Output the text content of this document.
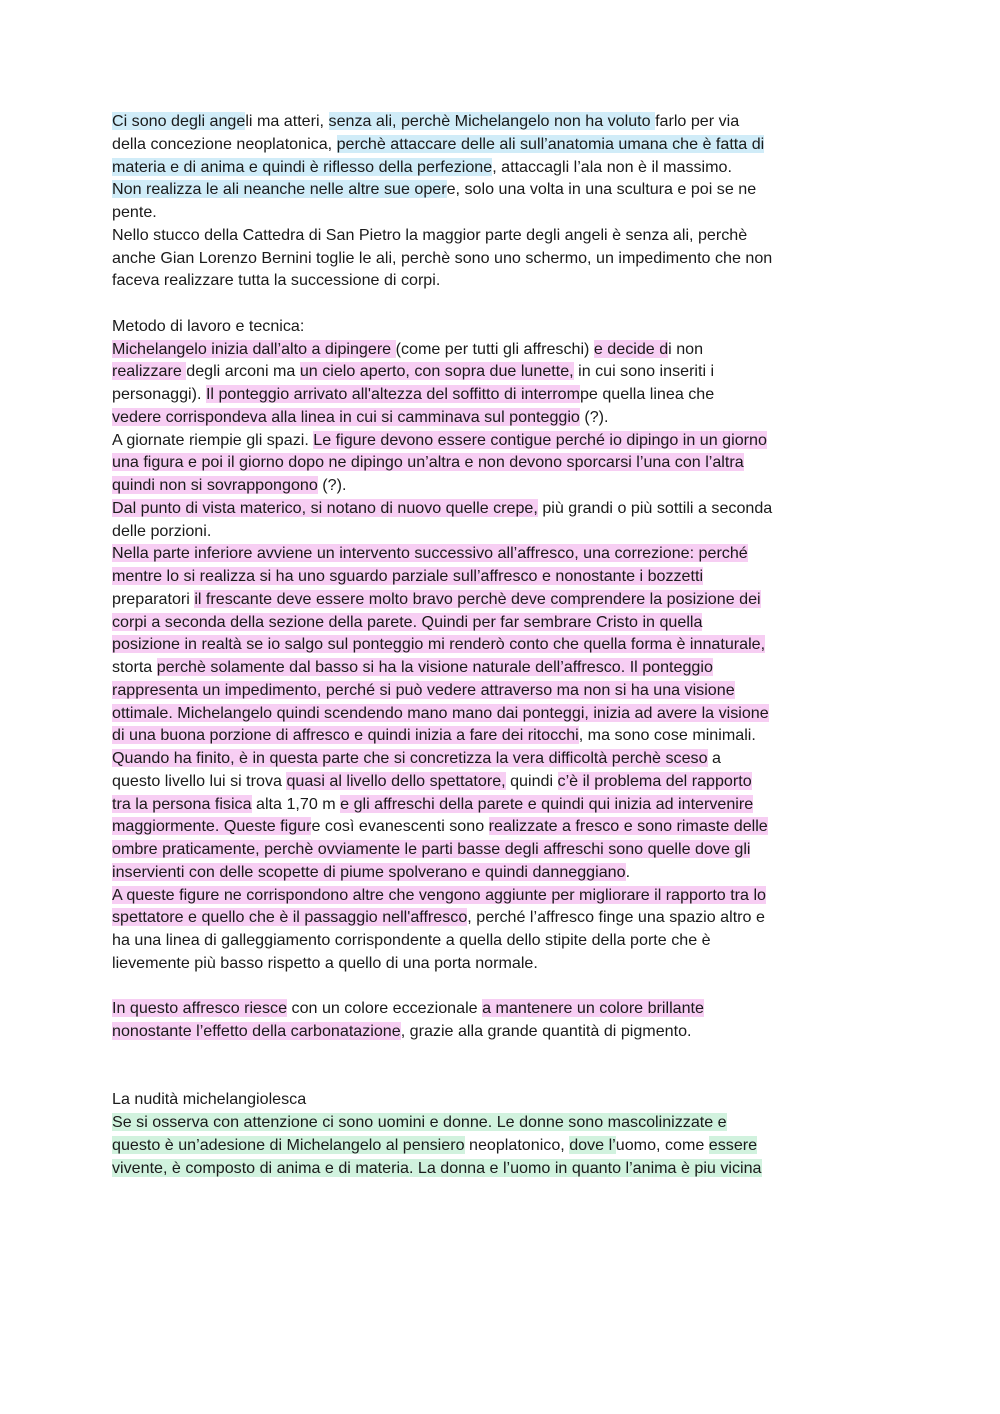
Ci sono degli angeli ma atteri, senza ali, perchè Michelangelo non ha voluto farlo per via
della concezione neoplatonica, perchè attaccare delle ali sull’anatomia umana che è fatta di
materia e di anima e quindi è riflesso della perfezione, attaccagli l’ala non è il massimo.
Non realizza le ali neanche nelle altre sue opere, solo una volta in una scultura e poi se ne
pente.
Nello stucco della Cattedra di San Pietro la maggior parte degli angeli è senza ali, perchè
anche Gian Lorenzo Bernini toglie le ali, perchè sono uno schermo, un impedimento che non
faceva realizzare tutta la successione di corpi.
Metodo di lavoro e tecnica:
Michelangelo inizia dall’alto a dipingere (come per tutti gli affreschi) e decide di non
realizzare degli arconi ma un cielo aperto, con sopra due lunette, in cui sono inseriti i
personaggi). Il ponteggio arrivato all'altezza del soffitto di interrompe quella linea che
vedere corrispondeva alla linea in cui si camminava sul ponteggio (?).
A giornate riempie gli spazi. Le figure devono essere contigue perché io dipingo in un giorno
una figura e poi il giorno dopo ne dipingo un’altra e non devono sporcarsi l’una con l’altra
quindi non si sovrappongono (?).
Dal punto di vista materico, si notano di nuovo quelle crepe, più grandi o più sottili a seconda
delle porzioni.
Nella parte inferiore avviene un intervento successivo all’affresco, una correzione: perché
mentre lo si realizza si ha uno sguardo parziale sull’affresco e nonostante i bozzetti
preparatori il frescante deve essere molto bravo perchè deve comprendere la posizione dei
corpi a seconda della sezione della parete. Quindi per far sembrare Cristo in quella
posizione in realtà se io salgo sul ponteggio mi renderò conto che quella forma è innaturale,
storta perchè solamente dal basso si ha la visione naturale dell’affresco. Il ponteggio
rappresenta un impedimento, perché si può vedere attraverso ma non si ha una visione
ottimale. Michelangelo quindi scendendo mano mano dai ponteggi, inizia ad avere la visione
di una buona porzione di affresco e quindi inizia a fare dei ritocchi, ma sono cose minimali.
Quando ha finito, è in questa parte che si concretizza la vera difficoltà perchè sceso a
questo livello lui si trova quasi al livello dello spettatore, quindi c’è il problema del rapporto
tra la persona fisica alta 1,70 m e gli affreschi della parete e quindi qui inizia ad intervenire
maggiormente. Queste figure così evanescenti sono realizzate a fresco e sono rimaste delle
ombre praticamente, perchè ovviamente le parti basse degli affreschi sono quelle dove gli
inservienti con delle scopette di piume spolverano e quindi danneggiano.
A queste figure ne corrispondono altre che vengono aggiunte per migliorare il rapporto tra lo
spettatore e quello che è il passaggio nell'affresco, perché l’affresco finge una spazio altro e
ha una linea di galleggiamento corrispondente a quella dello stipite della porte che è
lievemente più basso rispetto a quello di una porta normale.
In questo affresco riesce con un colore eccezionale a mantenere un colore brillante
nonostante l’effetto della carbonatazione, grazie alla grande quantità di pigmento.
La nudità michelangiolesca
Se si osserva con attenzione ci sono uomini e donne. Le donne sono mascolinizzate e
questo è un’adesione di Michelangelo al pensiero neoplatonico, dove l’uomo, come essere
vivente, è composto di anima e di materia. La donna e l’uomo in quanto l’anima è piu vicina
